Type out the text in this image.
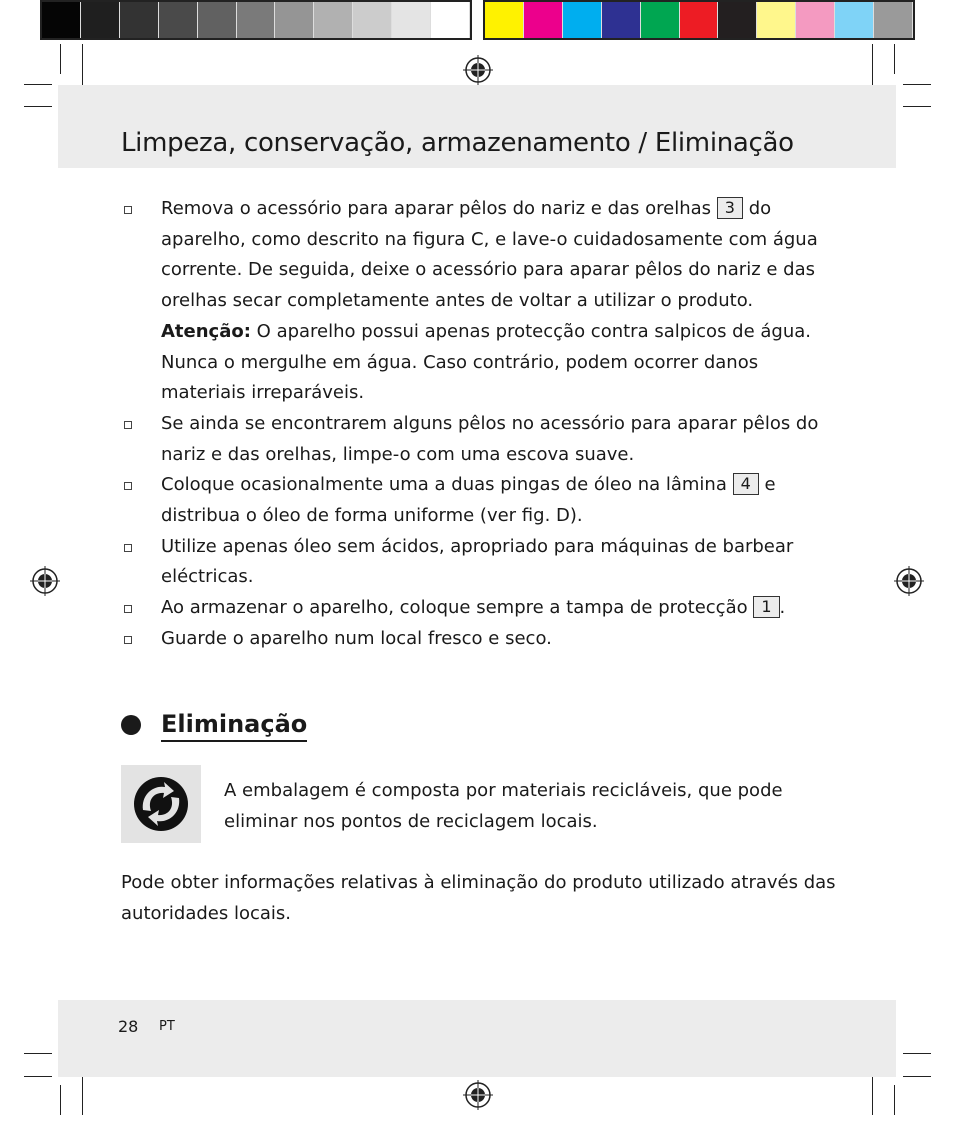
Limpeza, conservação, armazenamento / Eliminação
Remova o acessório para aparar pêlos do nariz e das orelhas 3 do aparelho, como descrito na figura C, e lave-o cuidadosamente com água corrente. De seguida, deixe o acessório para aparar pêlos do nariz e das orelhas secar completamente antes de voltar a utilizar o produto. Atenção: O aparelho possui apenas protecção contra salpicos de água. Nunca o mergulhe em água. Caso contrário, podem ocorrer danos materiais irreparáveis.
Se ainda se encontrarem alguns pêlos no acessório para aparar pêlos do nariz e das orelhas, limpe-o com uma escova suave.
Coloque ocasionalmente uma a duas pingas de óleo na lâmina 4 e distribua o óleo de forma uniforme (ver fig. D).
Utilize apenas óleo sem ácidos, apropriado para máquinas de barbear eléctricas.
Ao armazenar o aparelho, coloque sempre a tampa de protecção 1 .
Guarde o aparelho num local fresco e seco.
Eliminação

A embalagem é composta por materiais recicláveis, que pode eliminar nos pontos de reciclagem locais.

Pode obter informações relativas à eliminação do produto utilizado através das autoridades locais.

28 PT
